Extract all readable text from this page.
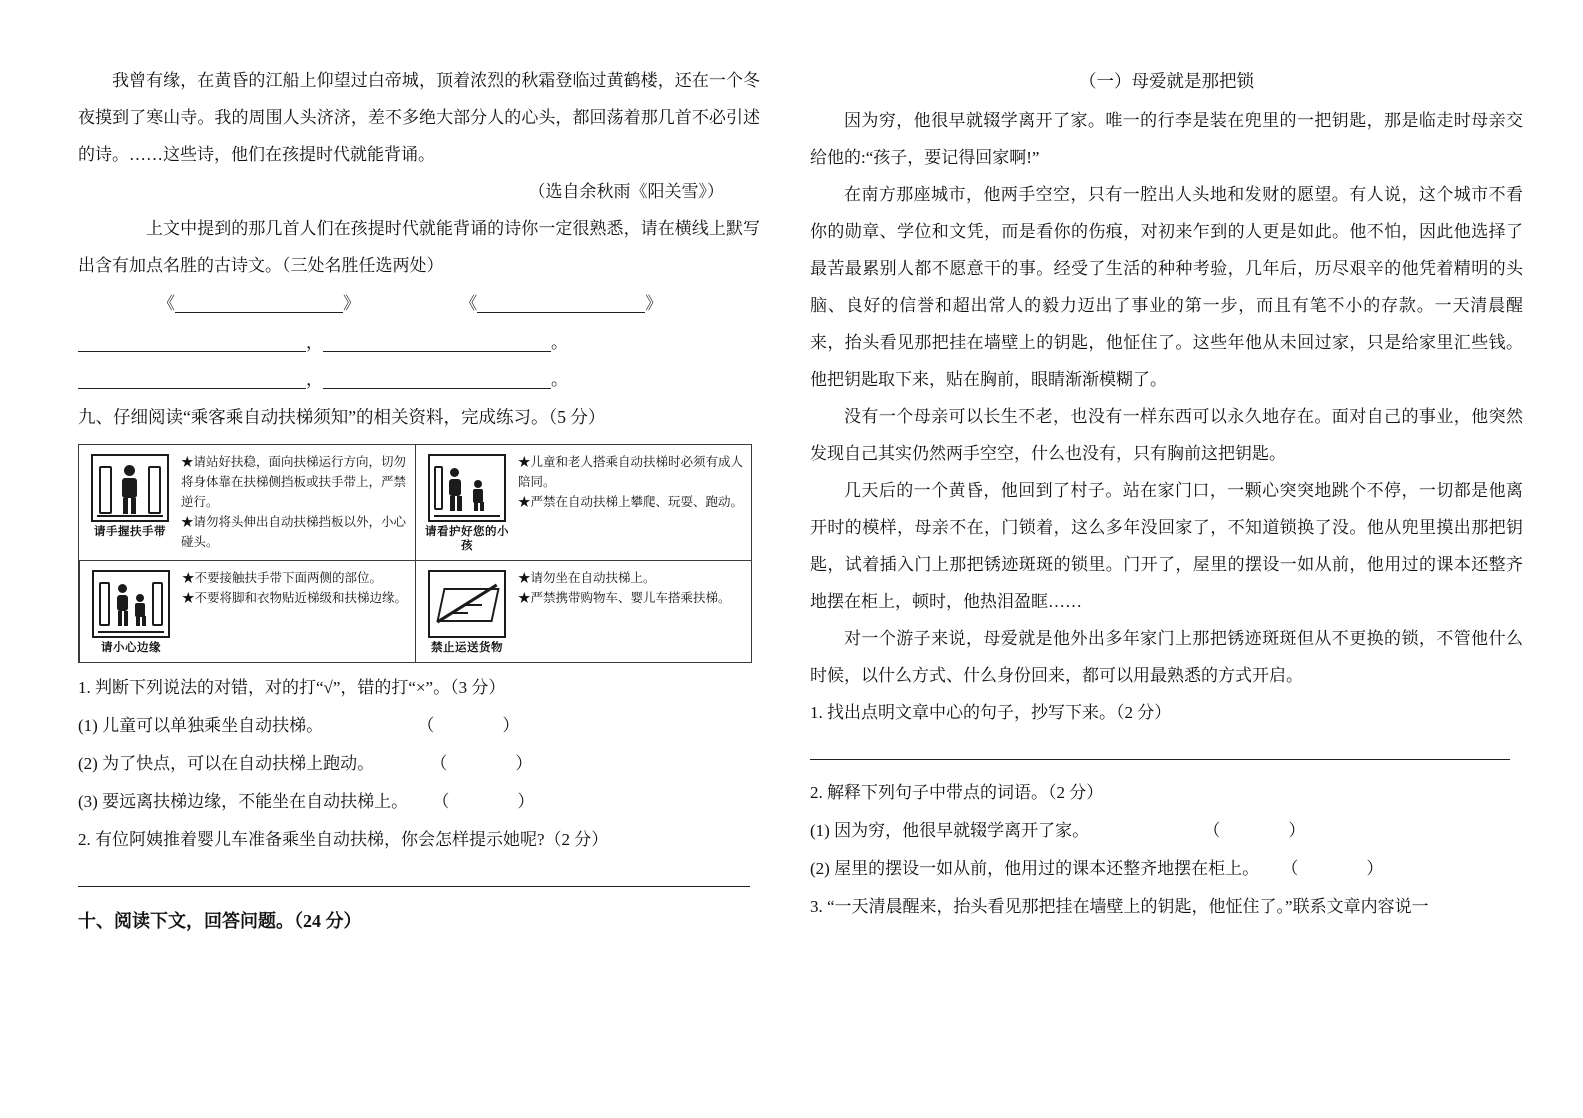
我曾有缘，在黄昏的江船上仰望过白帝城，顶着浓烈的秋霜登临过黄鹤楼，还在一个冬夜摸到了寒山寺。我的周围人头济济，差不多绝大部分人的心头，都回荡着那几首不必引述的诗。……这些诗，他们在孩提时代就能背诵。

（选自余秋雨《阳关雪》）

上文中提到的那几首人们在孩提时代就能背诵的诗你一定很熟悉，请在横线上默写出含有加点名胜的古诗文。（三处名胜任选两处）

《	》	《	》
，	。
，	。

九、仔细阅读“乘客乘自动扶梯须知”的相关资料，完成练习。（5 分）

请手握扶手带
★请站好扶稳，面向扶梯运行方向，切勿将身体靠在扶梯侧挡板或扶手带上，严禁逆行。
★请勿将头伸出自动扶梯挡板以外，小心碰头。
请看护好您的小孩
★儿童和老人搭乘自动扶梯时必须有成人陪同。
★严禁在自动扶梯上攀爬、玩耍、跑动。
请小心边缘
★不要接触扶手带下面两侧的部位。
★不要将脚和衣物贴近梯级和扶梯边缘。
禁止运送货物
★请勿坐在自动扶梯上。
★严禁携带购物车、婴儿车搭乘扶梯。

1. 判断下列说法的对错，对的打“√”，错的打“×”。（3 分）

(1) 儿童可以单独乘坐自动扶梯。	（　　　　）

(2) 为了快点，可以在自动扶梯上跑动。	（　　　　）

(3) 要远离扶梯边缘，不能坐在自动扶梯上。 （　　　　）

2. 有位阿姨推着婴儿车准备乘坐自动扶梯，你会怎样提示她呢?（2 分）

十、阅读下文，回答问题。（24 分）

（一）母爱就是那把锁

因为穷，他很早就辍学离开了家。唯一的行李是装在兜里的一把钥匙，那是临走时母亲交给他的:“孩子，要记得回家啊!”

在南方那座城市，他两手空空，只有一腔出人头地和发财的愿望。有人说，这个城市不看你的勋章、学位和文凭，而是看你的伤痕，对初来乍到的人更是如此。他不怕，因此他选择了最苦最累别人都不愿意干的事。经受了生活的种种考验，几年后，历尽艰辛的他凭着精明的头脑、良好的信誉和超出常人的毅力迈出了事业的第一步，而且有笔不小的存款。一天清晨醒来，抬头看见那把挂在墙壁上的钥匙，他怔住了。这些年他从未回过家，只是给家里汇些钱。他把钥匙取下来，贴在胸前，眼睛渐渐模糊了。

没有一个母亲可以长生不老，也没有一样东西可以永久地存在。面对自己的事业，他突然发现自己其实仍然两手空空，什么也没有，只有胸前这把钥匙。

几天后的一个黄昏，他回到了村子。站在家门口，一颗心突突地跳个不停，一切都是他离开时的模样，母亲不在，门锁着，这么多年没回家了，不知道锁换了没。他从兜里摸出那把钥匙，试着插入门上那把锈迹斑斑的锁里。门开了，屋里的摆设一如从前，他用过的课本还整齐地摆在柜上，顿时，他热泪盈眶……

对一个游子来说，母爱就是他外出多年家门上那把锈迹斑斑但从不更换的锁，不管他什么时候，以什么方式、什么身份回来，都可以用最熟悉的方式开启。

1. 找出点明文章中心的句子，抄写下来。（2 分）

2. 解释下列句子中带点的词语。（2 分）

(1) 因为穷，他很早就辍学离开了家。	（　　　　）

(2) 屋里的摆设一如从前，他用过的课本还整齐地摆在柜上。 （　　　　）

3. “一天清晨醒来，抬头看见那把挂在墙壁上的钥匙，他怔住了。”联系文章内容说一
